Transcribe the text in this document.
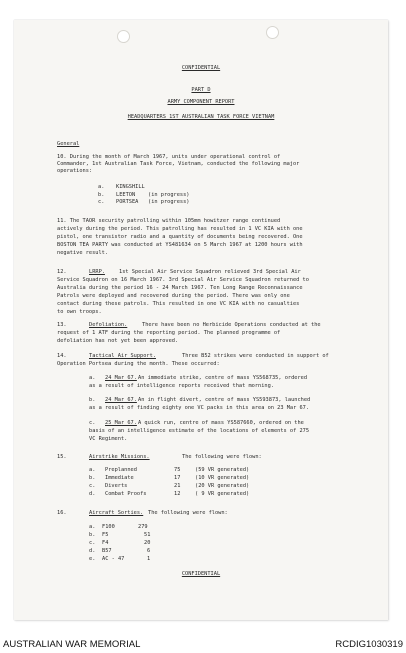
CONFIDENTIAL
PART D
ARMY COMPONENT REPORT
HEADQUARTERS 1ST AUSTRALIAN TASK FORCE VIETNAM
General
10. During the month of March 1967, units under operational control of
Commander, 1st Australian Task Force, Vietnam, conducted the following major
operations:
a. KINGSHILL
b. LEETON (in progress)
c. PORTSEA (in progress)
11. The TAOR security patrolling within 105mm howitzer range continued
actively during the period. This patrolling has resulted in 1 VC KIA with one
pistol, one transistor radio and a quantity of documents being recovered. One
BOSTON TEA PARTY was conducted at YS481634 on 5 March 1967 at 1200 hours with
negative result.
12.	LRRP.	1st Special Air Service Squadron relieved 3rd Special Air
Service Squadron on 16 March 1967. 3rd Special Air Service Squadron returned to
Australia during the period 16 - 24 March 1967. Ten Long Range Reconnaissance
Patrols were deployed and recovered during the period. There was only one
contact during these patrols. This resulted in one VC KIA with no casualties
to own troops.
13.	Defoliation.	There have been no Herbicide Operations conducted at the
request of 1 ATF during the reporting period. The planned programme of
defoliation has not yet been approved.
14.	Tactical Air Support.	Three B52 strikes were conducted in support of
Operation Portsea during the month. These occurred:
a. 24 Mar 67. An immediate strike, centre of mass YS568735, ordered
as a result of intelligence reports received that morning.
b. 24 Mar 67. An in flight divert, centre of mass YS593873, launched
as a result of finding eighty one VC packs in this area on 23 Mar 67.
c. 25 Mar 67. A quick run, centre of mass YS587660, ordered on the
basis of an intelligence estimate of the locations of elements of 275
VC Regiment.
15.	Airstrike Missions.	The following were flown:
a. Preplanned	75	(59 VR generated)
b. Immediate	17	(10 VR generated)
c. Diverts	21	(20 VR generated)
d. Combat Proofs	12	( 9 VR generated)
16.	Aircraft Sorties. The following were flown:
a. F100	279
b. F5	51
c. F4	20
d. B57	6
e. AC - 47	1
CONFIDENTIAL
AUSTRALIAN WAR MEMORIAL	RCDIG1030319
